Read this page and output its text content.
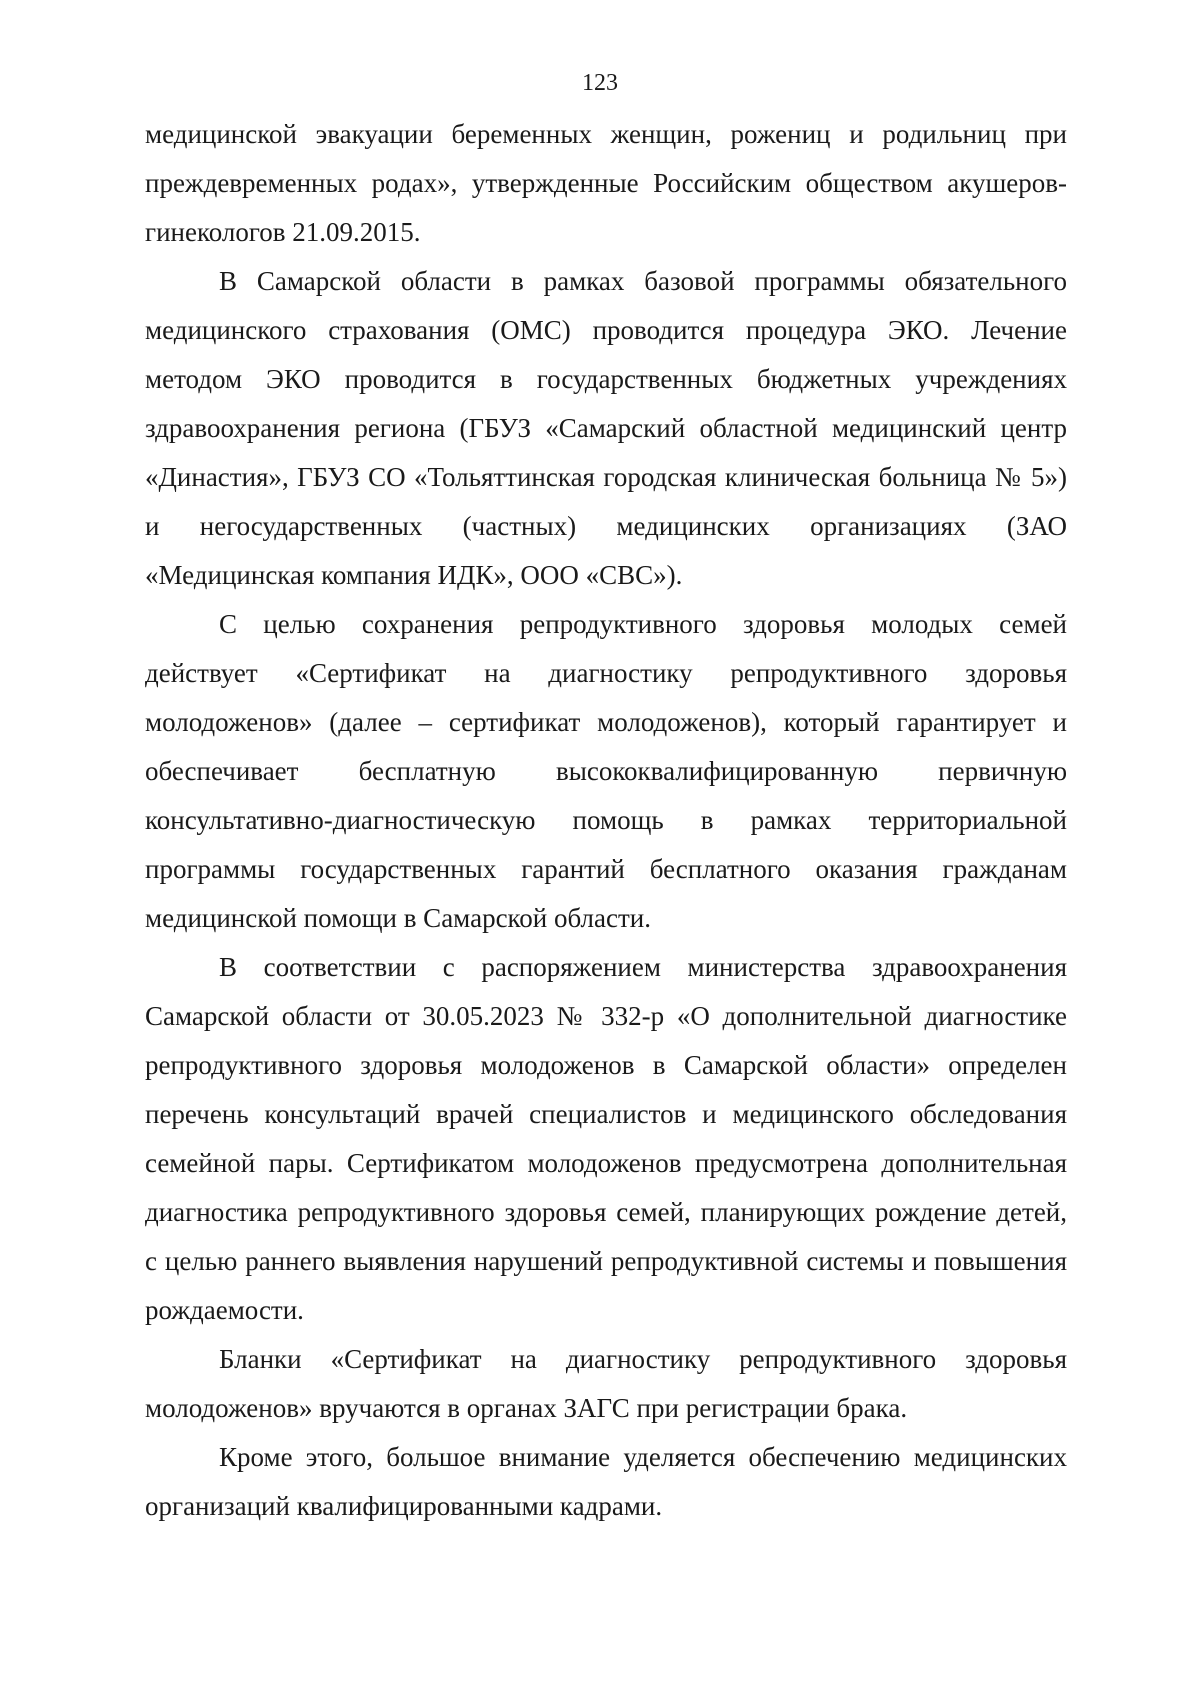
123

медицинской эвакуации беременных женщин, рожениц и родильниц при преждевременных родах», утвержденные Российским обществом акушеров-гинекологов 21.09.2015.

В Самарской области в рамках базовой программы обязательного медицинского страхования (ОМС) проводится процедура ЭКО. Лечение методом ЭКО проводится в государственных бюджетных учреждениях здравоохранения региона (ГБУЗ «Самарский областной медицинский центр «Династия», ГБУЗ СО «Тольяттинская городская клиническая больница № 5») и негосударственных (частных) медицинских организациях (ЗАО «Медицинская компания ИДК», ООО «СВС»).

С целью сохранения репродуктивного здоровья молодых семей действует «Сертификат на диагностику репродуктивного здоровья молодоженов» (далее – сертификат молодоженов), который гарантирует и обеспечивает бесплатную высококвалифицированную первичную консультативно-диагностическую помощь в рамках территориальной программы государственных гарантий бесплатного оказания гражданам медицинской помощи в Самарской области.

В соответствии с распоряжением министерства здравоохранения Самарской области от 30.05.2023 № 332-р «О дополнительной диагностике репродуктивного здоровья молодоженов в Самарской области» определен перечень консультаций врачей специалистов и медицинского обследования семейной пары. Сертификатом молодоженов предусмотрена дополнительная диагностика репродуктивного здоровья семей, планирующих рождение детей, с целью раннего выявления нарушений репродуктивной системы и повышения рождаемости.

Бланки «Сертификат на диагностику репродуктивного здоровья молодоженов» вручаются в органах ЗАГС при регистрации брака.

Кроме этого, большое внимание уделяется обеспечению медицинских организаций квалифицированными кадрами.
